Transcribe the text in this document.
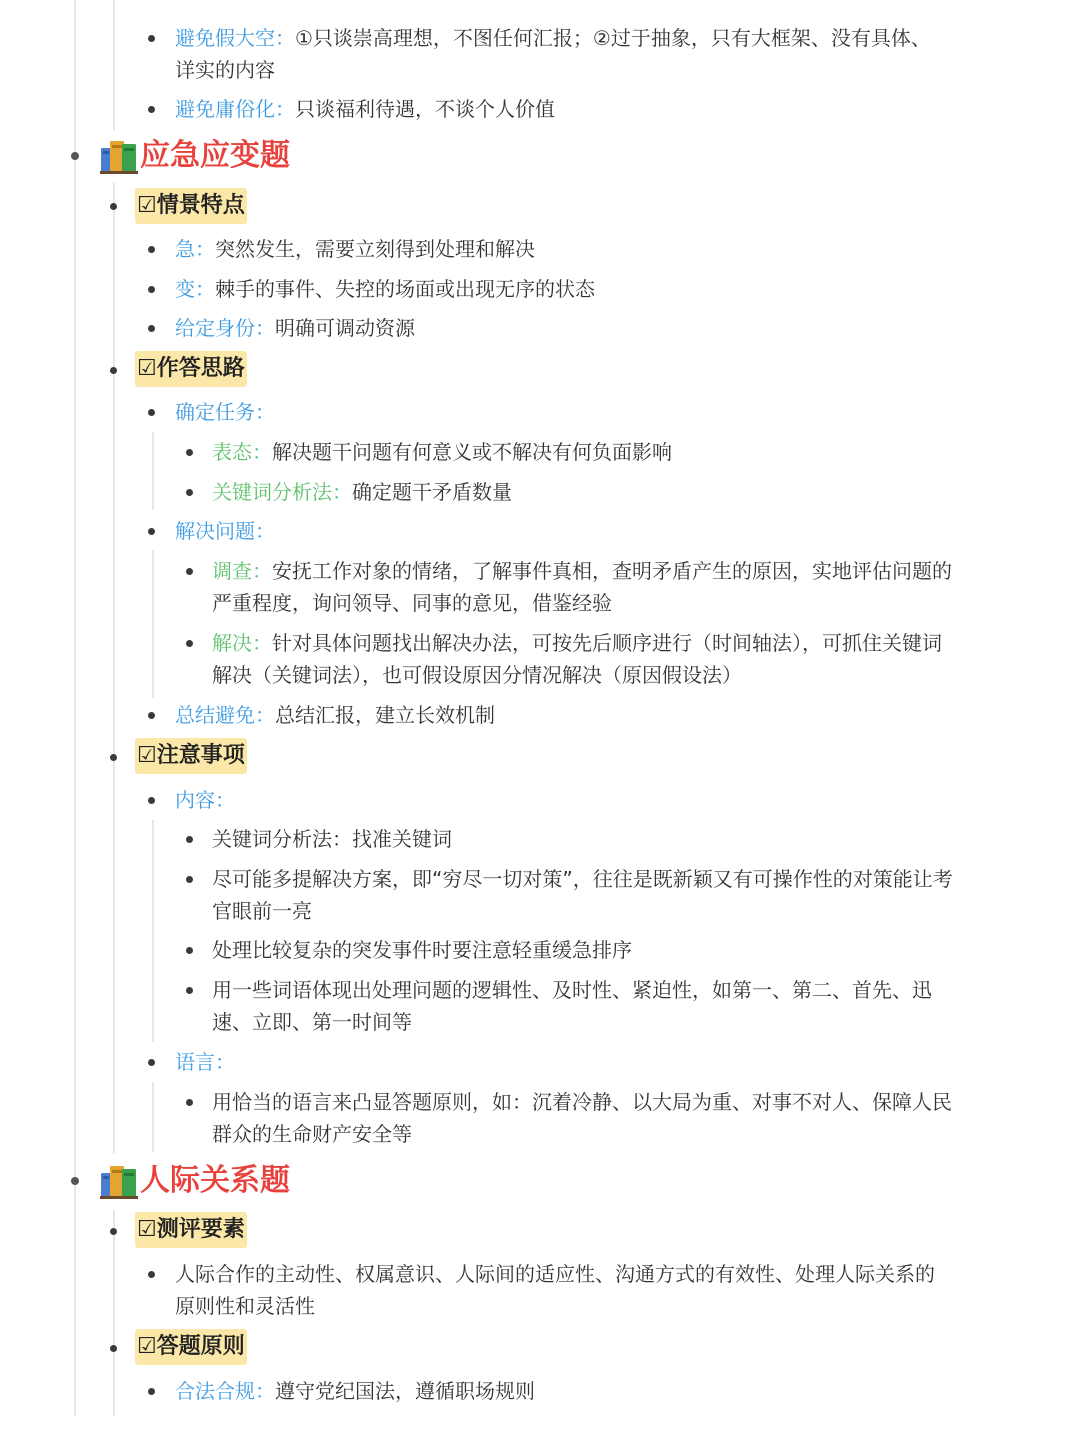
避免假大空：①只谈崇高理想，不图任何汇报；②过于抽象，只有大框架、没有具体、
详实的内容
避免庸俗化：只谈福利待遇，不谈个人价值
应急应变题
☑情景特点
急：突然发生，需要立刻得到处理和解决
变：棘手的事件、失控的场面或出现无序的状态
给定身份：明确可调动资源
☑作答思路
确定任务：
表态：解决题干问题有何意义或不解决有何负面影响
关键词分析法：确定题干矛盾数量
解决问题：
调查：安抚工作对象的情绪，了解事件真相，查明矛盾产生的原因，实地评估问题的
严重程度，询问领导、同事的意见，借鉴经验
解决：针对具体问题找出解决办法，可按先后顺序进行（时间轴法），可抓住关键词
解决（关键词法），也可假设原因分情况解决（原因假设法）
总结避免：总结汇报，建立长效机制
☑注意事项
内容：
关键词分析法：找准关键词
尽可能多提解决方案，即“穷尽一切对策”，往往是既新颖又有可操作性的对策能让考
官眼前一亮
处理比较复杂的突发事件时要注意轻重缓急排序
用一些词语体现出处理问题的逻辑性、及时性、紧迫性，如第一、第二、首先、迅
速、立即、第一时间等
语言：
用恰当的语言来凸显答题原则，如：沉着冷静、以大局为重、对事不对人、保障人民
群众的生命财产安全等
人际关系题
☑测评要素
人际合作的主动性、权属意识、人际间的适应性、沟通方式的有效性、处理人际关系的
原则性和灵活性
☑答题原则
合法合规：遵守党纪国法，遵循职场规则
